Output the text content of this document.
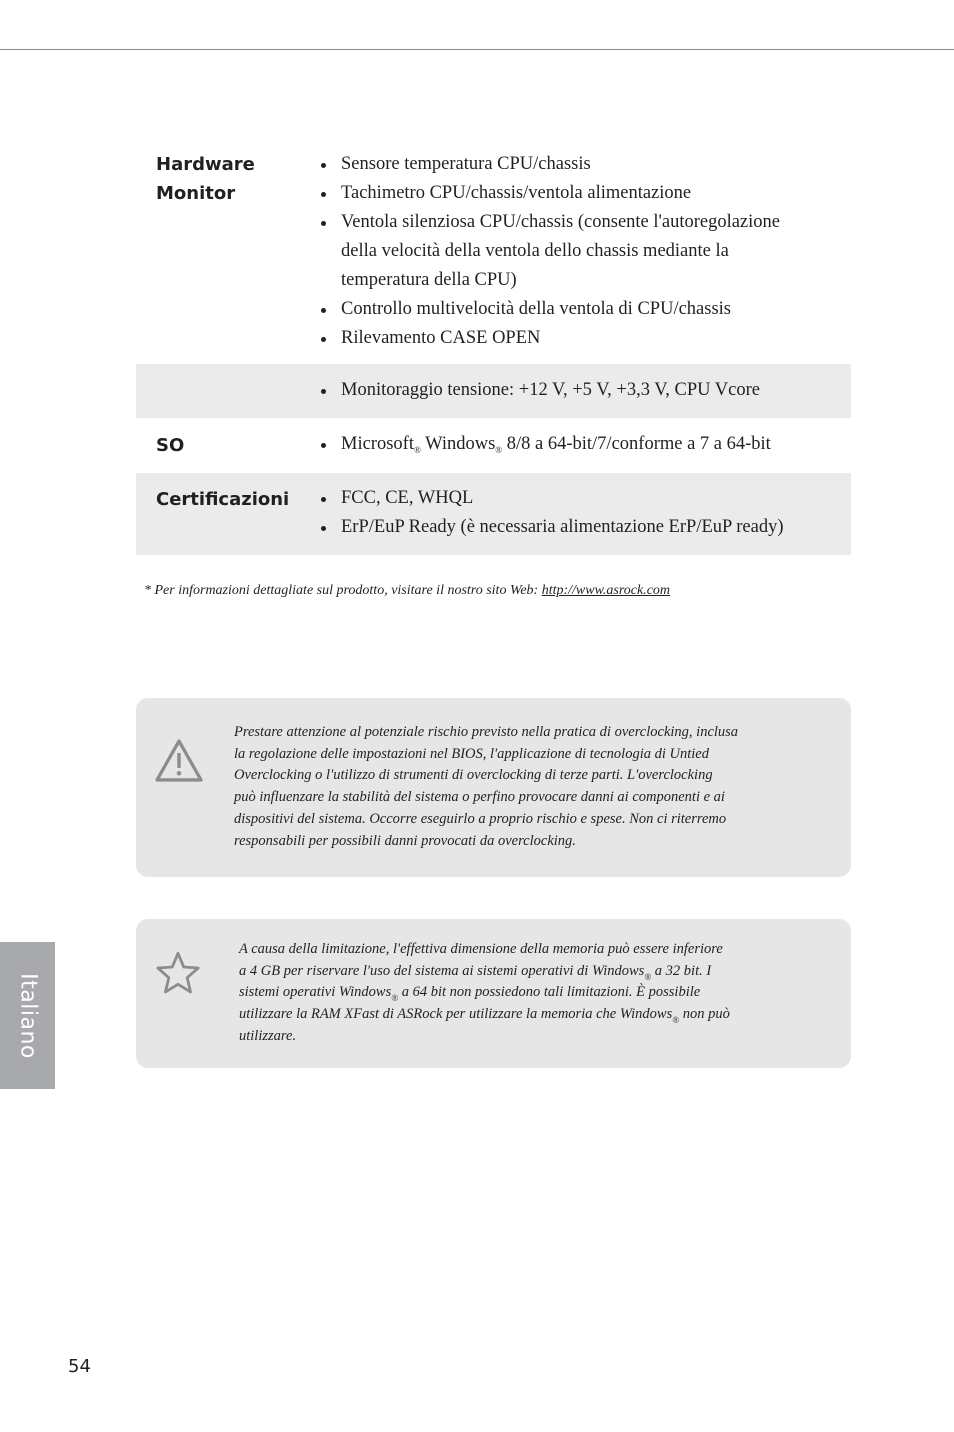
Hardware
Monitor
Sensore temperatura CPU/chassis
Tachimetro CPU/chassis/ventola alimentazione
Ventola silenziosa CPU/chassis (consente l'autoregolazione
della velocità della ventola dello chassis mediante la
temperatura della CPU)
Controllo multivelocità della ventola di CPU/chassis
Rilevamento CASE OPEN
Monitoraggio tensione: +12 V, +5 V, +3,3 V, CPU Vcore
SO	Microsoft® Windows® 8/8 a 64-bit/7/conforme a 7 a 64-bit
Certificazioni	FCC, CE, WHQL
ErP/EuP Ready (è necessaria alimentazione ErP/EuP ready)
* Per informazioni dettagliate sul prodotto, visitare il nostro sito Web: http://www.asrock.com
Prestare attenzione al potenziale rischio previsto nella pratica di overclocking, inclusa
la regolazione delle impostazioni nel BIOS, l'applicazione di tecnologia di Untied
Overclocking o l'utilizzo di strumenti di overclocking di terze parti. L'overclocking
può influenzare la stabilità del sistema o perfino provocare danni ai componenti e ai
dispositivi del sistema. Occorre eseguirlo a proprio rischio e spese. Non ci riterremo
responsabili per possibili danni provocati da overclocking.
A causa della limitazione, l'effettiva dimensione della memoria può essere inferiore
a 4 GB per riservare l'uso del sistema ai sistemi operativi di Windows® a 32 bit. I
sistemi operativi Windows® a 64 bit non possiedono tali limitazioni. È possibile
utilizzare la RAM XFast di ASRock per utilizzare la memoria che Windows® non può
utilizzare.
Italiano
54
